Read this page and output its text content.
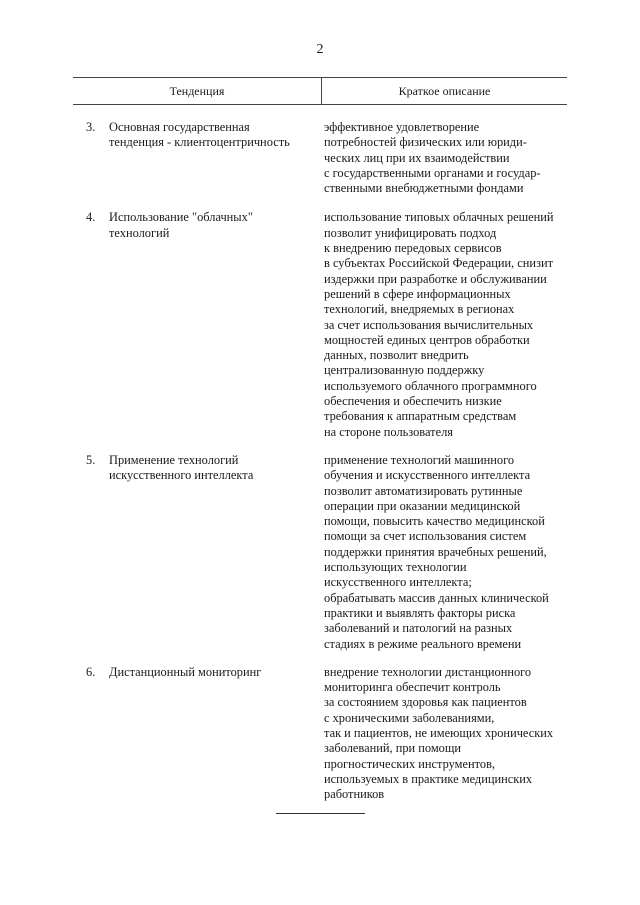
2
Тенденция	Краткое описание
3. Основная государственная
тенденция - клиентоцентричность
эффективное удовлетворение
потребностей физических или юриди-
ческих лиц при их взаимодействии
с государственными органами и государ-
ственными внебюджетными фондами
4. Использование "облачных"
технологий
использование типовых облачных решений
позволит унифицировать подход
к внедрению передовых сервисов
в субъектах Российской Федерации, снизит
издержки при разработке и обслуживании
решений в сфере информационных
технологий, внедряемых в регионах
за счет использования вычислительных
мощностей единых центров обработки
данных, позволит внедрить
централизованную поддержку
используемого облачного программного
обеспечения и обеспечить низкие
требования к аппаратным средствам
на стороне пользователя
5. Применение технологий
искусственного интеллекта
применение технологий машинного
обучения и искусственного интеллекта
позволит автоматизировать рутинные
операции при оказании медицинской
помощи, повысить качество медицинской
помощи за счет использования систем
поддержки принятия врачебных решений,
использующих технологии
искусственного интеллекта;
обрабатывать массив данных клинической
практики и выявлять факторы риска
заболеваний и патологий на разных
стадиях в режиме реального времени
6. Дистанционный мониторинг	внедрение технологии дистанционного
мониторинга обеспечит контроль
за состоянием здоровья как пациентов
с хроническими заболеваниями,
так и пациентов, не имеющих хронических
заболеваний, при помощи
прогностических инструментов,
используемых в практике медицинских
работников
